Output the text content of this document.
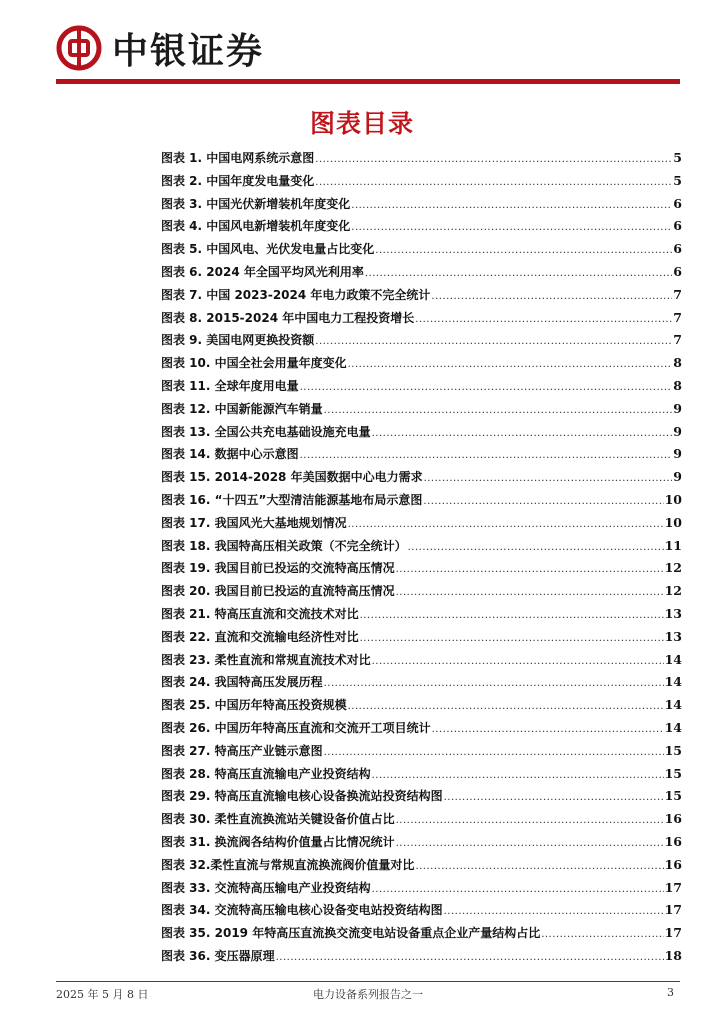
中银证券
图表目录
图表 1. 中国电网系统示意图 .....	5
图表 2. 中国年度发电量变化 .....	5
图表 3. 中国光伏新增装机年度变化 .....	6
图表 4. 中国风电新增装机年度变化 .....	6
图表 5. 中国风电、光伏发电量占比变化 .....	6
图表 6. 2024 年全国平均风光利用率 .....	6
图表 7. 中国 2023-2024 年电力政策不完全统计 .....	7
图表 8. 2015-2024 年中国电力工程投资增长 .....	7
图表 9. 美国电网更换投资额 .....	7
图表 10. 中国全社会用量年度变化 .....	8
图表 11. 全球年度用电量 .....	8
图表 12. 中国新能源汽车销量 .....	9
图表 13. 全国公共充电基础设施充电量 .....	9
图表 14. 数据中心示意图 .....	9
图表 15. 2014-2028 年美国数据中心电力需求 .....	9
图表 16. “十四五”大型清洁能源基地布局示意图 .....	10
图表 17. 我国风光大基地规划情况 .....	10
图表 18. 我国特高压相关政策（不完全统计） .....	11
图表 19. 我国目前已投运的交流特高压情况 .....	12
图表 20. 我国目前已投运的直流特高压情况 .....	12
图表 21. 特高压直流和交流技术对比 .....	13
图表 22. 直流和交流输电经济性对比 .....	13
图表 23. 柔性直流和常规直流技术对比 .....	14
图表 24. 我国特高压发展历程 .....	14
图表 25. 中国历年特高压投资规模 .....	14
图表 26. 中国历年特高压直流和交流开工项目统计 .....	14
图表 27. 特高压产业链示意图 .....	15
图表 28. 特高压直流输电产业投资结构 .....	15
图表 29. 特高压直流输电核心设备换流站投资结构图 .....	15
图表 30. 柔性直流换流站关键设备价值占比 .....	16
图表 31. 换流阀各结构价值量占比情况统计 .....	16
图表 32.柔性直流与常规直流换流阀价值量对比 .....	16
图表 33. 交流特高压输电产业投资结构 .....	17
图表 34. 交流特高压输电核心设备变电站投资结构图 .....	17
图表 35. 2019 年特高压直流换交流变电站设备重点企业产量结构占比 .....	17
图表 36. 变压器原理 .....	18
2025 年 5 月 8 日	电力设备系列报告之一	3
